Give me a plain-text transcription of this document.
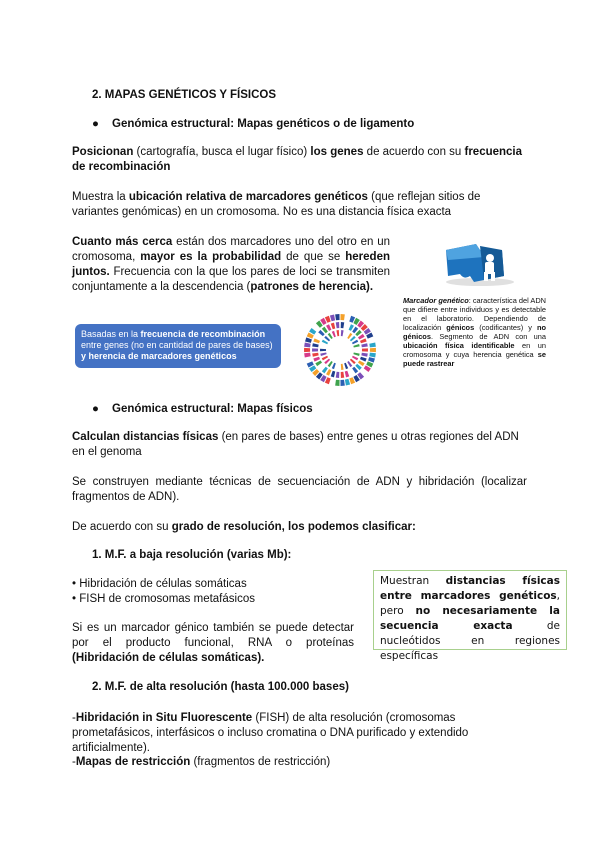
2. MAPAS GENÉTICOS Y FÍSICOS
● Genómica estructural: Mapas genéticos o de ligamento

Posicionan (cartografía, busca el lugar físico) los genes de acuerdo con su frecuencia de recombinación

Muestra la ubicación relativa de marcadores genéticos (que reflejan sitios de variantes genómicas) en un cromosoma. No es una distancia física exacta

Cuanto más cerca están dos marcadores uno del otro en un cromosoma, mayor es la probabilidad de que se hereden juntos. Frecuencia con la que los pares de loci se transmiten conjuntamente a la descendencia (patrones de herencia).

Marcador genético: característica del ADN que difiere entre individuos y es detectable en el laboratorio. Dependiendo de localización génicos (codificantes) y no génicos. Segmento de ADN con una ubicación física identificable en un cromosoma y cuya herencia genética se puede rastrear

Basadas en la frecuencia de recombinación entre genes (no en cantidad de pares de bases) y herencia de marcadores genéticos
● Genómica estructural: Mapas físicos

Calculan distancias físicas (en pares de bases) entre genes u otras regiones del ADN en el genoma

Se construyen mediante técnicas de secuenciación de ADN y hibridación (localizar fragmentos de ADN).

De acuerdo con su grado de resolución, los podemos clasificar:

1. M.F. a baja resolución (varias Mb):
• Hibridación de células somáticas
• FISH de cromosomas metafásicos

Si es un marcador génico también se puede detectar por el producto funcional, RNA o proteínas (Hibridación de células somáticas).

Muestran distancias físicas entre marcadores genéticos, pero no necesariamente la secuencia exacta de nucleótidos en regiones específicas
2. M.F. de alta resolución (hasta 100.000 bases)

-Hibridación in Situ Fluorescente (FISH) de alta resolución (cromosomas prometafásicos, interfásicos o incluso cromatina o DNA purificado y extendido artificialmente).

-Mapas de restricción (fragmentos de restricción)
